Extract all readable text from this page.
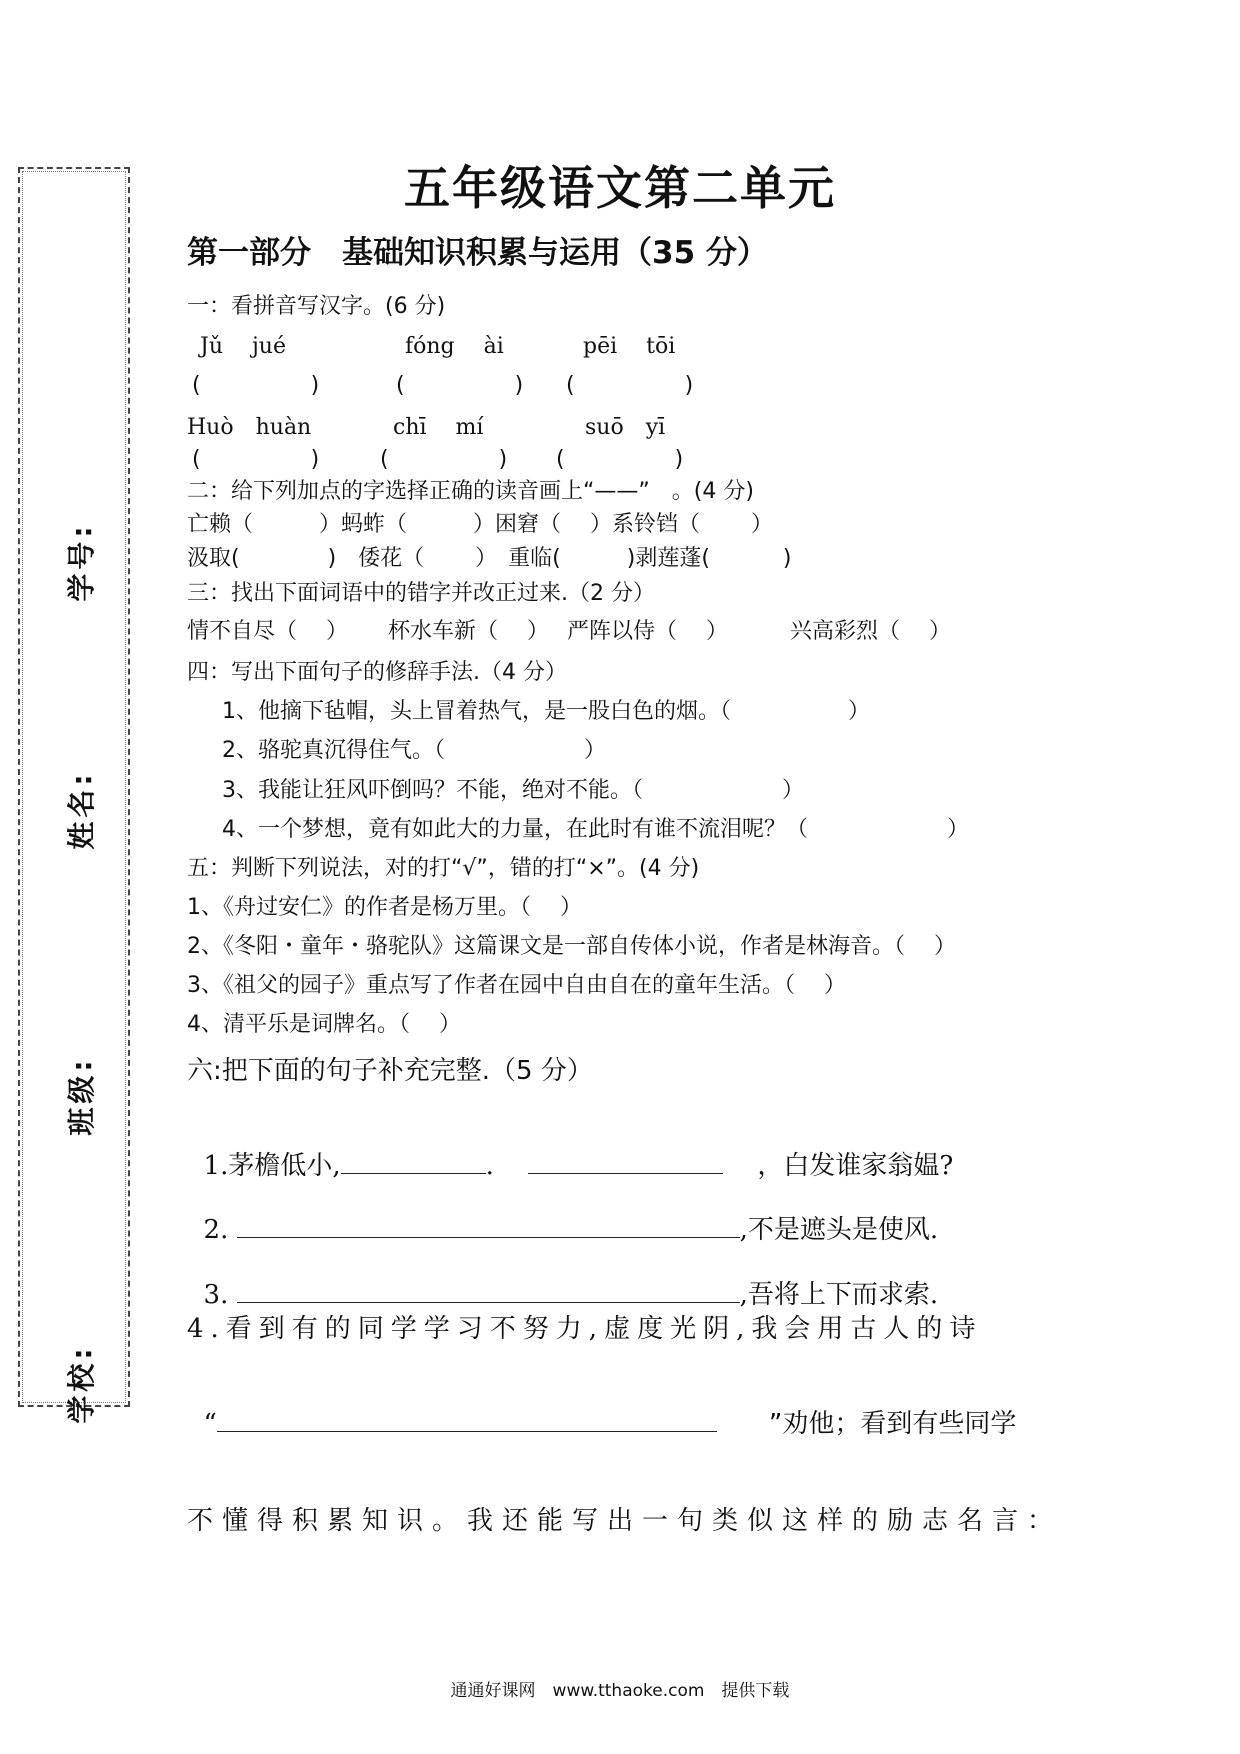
学号:
姓名:
班级:
学校:
五年级语文第二单元
第一部分　基础知识积累与运用（35 分）
一：看拼音写汉字。(6 分)
Jǔ　 jué	fóng　 ài	pēi　 tōi
(　　　　　)	(　　　　　) (　　　　　)
Huò　huàn	chī　 mí	suō　yī
(　　　　　)	(　　　　　) (　　　　　)
二：给下列加点的字选择正确的读音画上“——”　。(4 分)
亡赖（　　　）蚂蚱（　　　）困窘（　 ）系铃铛（　　 ）
汲取(　　　　)　倭花（　　 ）　重临(　　　)剥莲蓬(　　　 )
三：找出下面词语中的错字并改正过来.（2 分）
情不自尽（　 ）　　 杯水车新（　 ）　 严阵以侍（　 ）　　　 兴高彩烈（　 ）
四：写出下面句子的修辞手法.（4 分）
1、他摘下毡帽，头上冒着热气，是一股白色的烟。（　　　　　 ）
2、骆驼真沉得住气。（　　　　　　 ）
3、我能让狂风吓倒吗？不能，绝对不能。（　　　　　　 ）
4、一个梦想，竟有如此大的力量，在此时有谁不流泪呢？（　　　　　　 ）
五：判断下列说法，对的打“√”，错的打“×”。(4 分)
1、《舟过安仁》的作者是杨万里。（　 ）
2、《冬阳・童年・骆驼队》这篇课文是一部自传体小说，作者是林海音。（　 ）
3、《祖父的园子》重点写了作者在园中自由自在的童年生活。（　 ）
4、清平乐是词牌名。（　 ）
六:把下面的句子补充完整.（5 分）

1.茅檐低小,	.　 　	，白发谁家翁媪?

2.	,不是遮头是使风.

3.	,吾将上下而求索.

4.看到有的同学学习不努力,虚度光阴,我会用古人的诗

“　　	”劝他；看到有些同学

不懂得积累知识。我还能写出一句类似这样的励志名言：
通通好课网　www.tthaoke.com　提供下载
